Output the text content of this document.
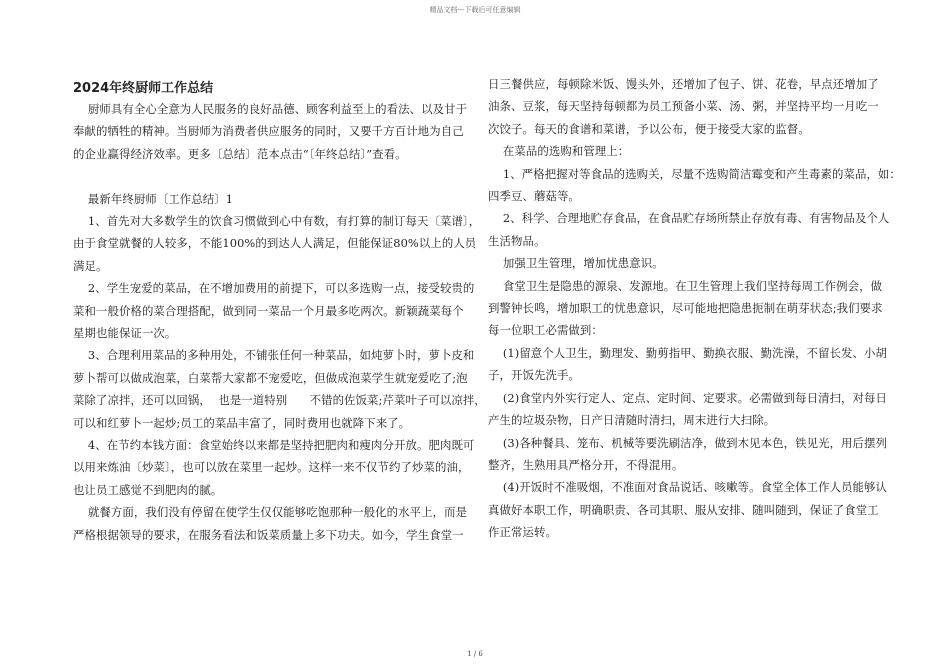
精品文档---下载后可任意编辑
2024年终厨师工作总结
厨师具有全心全意为人民服务的良好品德、顾客利益至上的看法、以及甘于
奉献的牺牲的精神。当厨师为消费者供应服务的同时，又要千方百计地为自己
的企业赢得经济效率。更多〔总结〕范本点击“〔年终总结〕”查看。
最新年终厨师〔工作总结〕1
1、首先对大多数学生的饮食习惯做到心中有数，有打算的制订每天〔菜谱〕，
由于食堂就餐的人较多，不能100%的到达人人满足，但能保证80%以上的人员
满足。
2、学生宠爱的菜品，在不增加费用的前提下，可以多选购一点，接受较贵的
菜和一般价格的菜合理搭配，做到同一菜品一个月最多吃两次。新颖蔬菜每个
星期也能保证一次。
3、合理利用菜品的多种用处，不铺张任何一种菜品，如炖萝卜时，萝卜皮和
萝卜帮可以做成泡菜，白菜帮大家都不宠爱吃，但做成泡菜学生就宠爱吃了;泡
菜除了凉拌，还可以回锅，  也是一道特别      不错的佐饭菜;芹菜叶子可以凉拌，
可以和红萝卜一起炒;员工的菜品丰富了，同时费用也就降下来了。
4、在节约本钱方面：食堂始终以来都是坚持把肥肉和瘦肉分开放。肥肉既可
以用来炼油〔炒菜〕，也可以放在菜里一起炒。这样一来不仅节约了炒菜的油，
也让员工感觉不到肥肉的腻。
就餐方面，我们没有停留在使学生仅仅能够吃饱那种一般化的水平上，而是
严格根据领导的要求，在服务看法和饭菜质量上多下功夫。如今，学生食堂一
日三餐供应，每顿除米饭、馒头外，还增加了包子、饼、花卷，早点还增加了
油条、豆浆，每天坚持每顿都为员工预备小菜、汤、粥，并坚持平均一月吃一
次饺子。每天的食谱和菜谱，予以公布，便于接受大家的监督。
在菜品的选购和管理上：
1、严格把握对等食品的选购关，尽量不选购简洁霉变和产生毒素的菜品，如：
四季豆、蘑菇等。
2、科学、合理地贮存食品，在食品贮存场所禁止存放有毒、有害物品及个人
生活物品。
加强卫生管理，增加忧患意识。
食堂卫生是隐患的源泉、发源地。在卫生管理上我们坚持每周工作例会，做
到警钟长鸣，增加职工的忧患意识，尽可能地把隐患扼制在萌芽状态;我们要求
每一位职工必需做到：
(1)留意个人卫生，勤理发、勤剪指甲、勤换衣服、勤洗澡，不留长发、小胡
子，开饭先洗手。
(2)食堂内外实行定人、定点、定时间、定要求。必需做到每日清扫，对每日
产生的垃圾杂物，日产日清随时清扫，周末进行大扫除。
(3)各种餐具、笼布、机械等要洗刷洁净，做到木见本色，铁见光，用后摆列
整齐，生熟用具严格分开，不得混用。
(4)开饭时不准吸烟，不准面对食品说话、咳嗽等。食堂全体工作人员能够认
真做好本职工作，明确职责、各司其职、服从安排、随叫随到，保证了食堂工
作正常运转。
1 / 6
